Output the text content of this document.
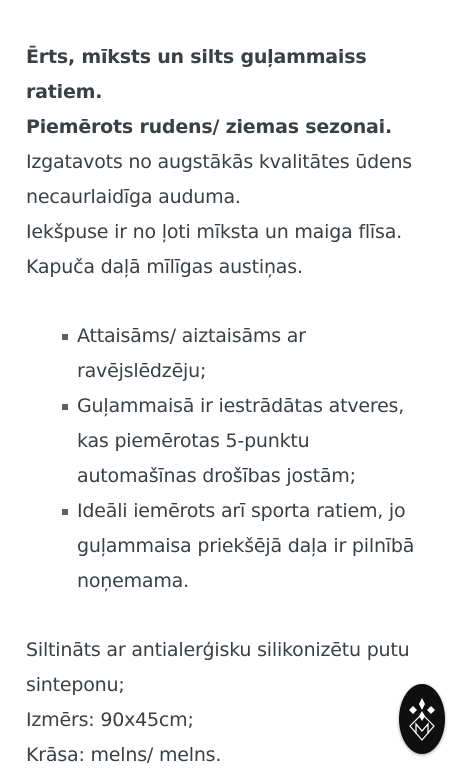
Ērts, mīksts un silts guļammaiss ratiem.

Piemērots rudens/ ziemas sezonai.

Izgatavots no augstākās kvalitātes ūdens

necaurlaidīga auduma.

Iekšpuse ir no ļoti mīksta un maiga flīsa.

Kapuča daļā mīlīgas austiņas.

Attaisāms/ aiztaisāms ar
ravējslēdzēju;
Guļammaisā ir iestrādātas atveres,
kas piemērotas 5-punktu
automašīnas drošības jostām;
Ideāli iemērots arī sporta ratiem, jo
guļammaisa priekšējā daļa ir pilnībā
noņemama.

Siltināts ar antialerģisku silikonizētu putu

sinteponu;

Izmērs: 90x45cm;

Krāsa: melns/ melns.
